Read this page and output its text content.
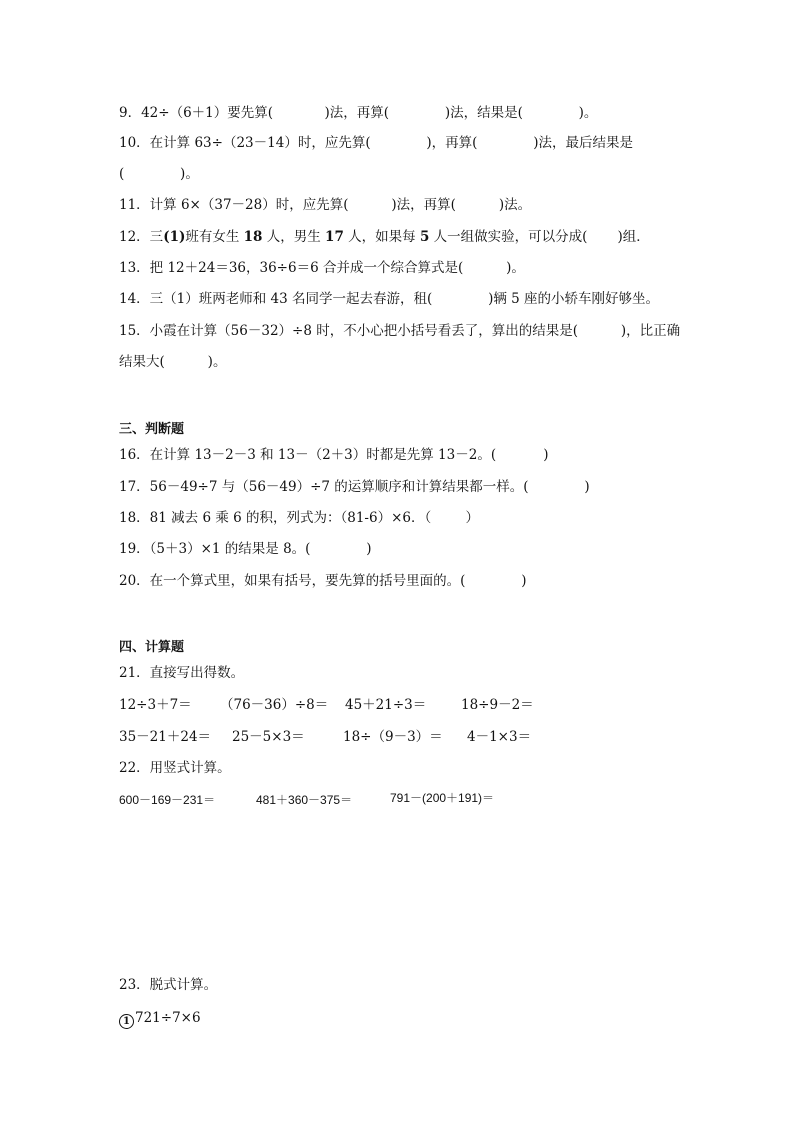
9．42÷（6＋1）要先算(            )法，再算(             )法，结果是(             )。
10．在计算 63÷（23－14）时，应先算(             )，再算(             )法，最后结果是
(             )。
11．计算 6×（37－28）时，应先算(          )法，再算(          )法。
12．三(1)班有女生 18 人，男生 17 人，如果每 5 人一组做实验，可以分成(       )组．
13．把 12＋24＝36，36÷6＝6 合并成一个综合算式是(          )。
14．三（1）班两老师和 43 名同学一起去春游，租(             )辆 5 座的小轿车刚好够坐。
15．小霞在计算（56－32）÷8 时，不小心把小括号看丢了，算出的结果是(          )，比正确
结果大(          )。
三、判断题
16．在计算 13－2－3 和 13－（2＋3）时都是先算 13－2。(           )
17．56－49÷7 与（56－49）÷7 的运算顺序和计算结果都一样。(             )
18．81 减去 6 乘 6 的积，列式为：（81-6）×6．（        ）
19．（5＋3）×1 的结果是 8。(             )
20．在一个算式里，如果有括号，要先算的括号里面的。(             )
四、计算题
21．直接写出得数。
12÷3＋7＝ （76－36）÷8＝ 45＋21÷3＝	18÷9－2＝
35－21＋24＝ 25－5×3＝	18÷（9－3）＝ 4－1×3＝
22．用竖式计算。
600－169－231＝	481＋360－375＝	791－(200＋191)＝
23．脱式计算。
1 721÷7×6
